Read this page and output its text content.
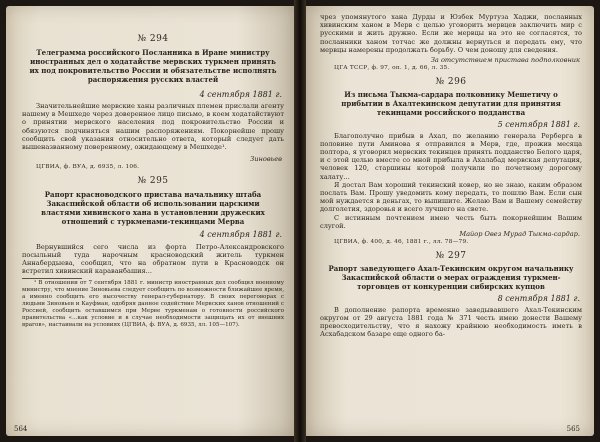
№ 294
Телеграмма российского Посланника в Иране министру иностранных дел о ходатайстве мервских туркмен принять их под покровительство России и обязательстве исполнять распоряжения русских властей
4 сентября 1881 г.

Значительнейшие мервские ханы различных племен прислали агенту нашему в Мешхеде через доверенное лицо письмо, в коем ходатайствуют о принятии мервского населения под покровительство России и обязуются подчиняться нашим распоряжениям. Покорнейше прошу сообщить свой указания относительно ответа, который следует дать вышеназванному поверенному, ожидающему в Мешхеде¹.

Зиновьев
ЦГВИА, ф. ВУА, д. 6935, л. 106.
№ 295
Рапорт красноводского пристава начальнику штаба Закаспийской области об использовании царскими властями хивинского хана в установлении дружеских отношений с туркменами-текинцами Мерва
4 сентября 1881 г.

Вернувшийся сего числа из форта Петро-Александровского посыльный туда нарочным красноводский житель туркмен Аннабердыева, сообщил, что на обратном пути в Красноводск он встретил хивинский караванбашия...

¹ В отношении от 7 сентября 1881 г. министр иностранных дел сообщил военному министру, что мнение Зиновьева следует сообщить по возможности ближайшее время, а именно сообщить его высочеству генерал-губернатору. В своих переговорах с людьми Зиновьев и Кауфман, одобряя данное содействие Мервских ханов отношений с Россией, сообщить оставшимся при Мерве туркменам о готовности российского правительства «...как условие и в случае необходимости защищать их от внешних врагов», настаивали на условиях (ЦГВИА, ф. ВУА, д. 6935, лл. 105—107).

564

чрез упомянутого хана Дурды и Юзбек Муртуза Хаджи, посланных хивинским ханом в Мерв с целью уговорить мервцев заключить мир с русскими и жить дружно. Если же мервцы на это не согласятся, то посланники ханом тотчас же должны вернуться и передать ему, что мервцы намерены продолжать борьбу. О чем доношу для сведения.

За отсутствием пристава подполковник
ЦГА ТССР, ф. 97, оп. 1, д. 66, л. 35.
№ 296
Из письма Тыкма-сардара полковнику Мешетичу о прибытии в Ахалтекинском депутатии для принятия текинцами российского подданства
5 сентября 1881 г.

Благополучно прибыв в Ахал, по желанию генерала Рерберга в половине пути Аминова я отправился в Мерв, где, прожив месяца полтора, я уговорил мервских текинцев принять подданство Белого царя, и с этой целью вместе со мной прибыла в Ахалабад мервская депутация, человек 120, старшины которой получили по почетному дорогому халату…

Я достал Вам хороший текинский ковер, но не знаю, каким образом послать Вам. Прошу уведомить кому передать, то пошлю Вам. Если сын мой нуждается в деньгах, то выпишите. Желаю Вам и Вашему семейству долголетия, здоровья и всего лучшего на свете.

С истинным почтением имею честь быть покорнейшим Вашим слугой.

Майор Овез Мурад Тыкма-сардар.
ЦГВИА, ф. 400, д. 46, 1881 г., лл. 78—79.
№ 297
Рапорт заведующего Ахал-Текинским округом начальнику Закаспийской области о мерах ограждения туркмен-торговцев от конкуренции сибирских купцов
8 сентября 1881 г.

В дополнение рапорта временно заведывавшего Ахал-Текинским округом от 29 августа 1881 года № 371 честь имею донести Вашему превосходительству, что я нахожу крайнюю необходимость иметь в Асхабадском базаре еще одного ба-

565
